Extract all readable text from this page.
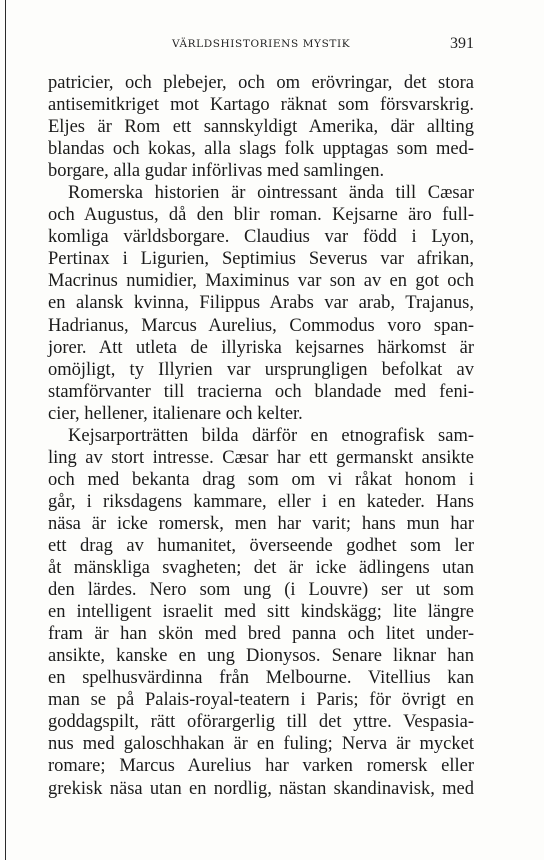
VÄRLDSHISTORIENS MYSTIK	391
patricier, och plebejer, och om erövringar, det stora
antisemitkriget mot Kartago räknat som försvarskrig.
Eljes är Rom ett sannskyldigt Amerika, där allting
blandas och kokas, alla slags folk upptagas som med-
borgare, alla gudar införlivas med samlingen.
Romerska historien är ointressant ända till Cæsar
och Augustus, då den blir roman. Kejsarne äro full-
komliga världsborgare. Claudius var född i Lyon,
Pertinax i Ligurien, Septimius Severus var afrikan,
Macrinus numidier, Maximinus var son av en got och
en alansk kvinna, Filippus Arabs var arab, Trajanus,
Hadrianus, Marcus Aurelius, Commodus voro span-
jorer. Att utleta de illyriska kejsarnes härkomst är
omöjligt, ty Illyrien var ursprungligen befolkat av
stamförvanter till tracierna och blandade med feni-
cier, hellener, italienare och kelter.
Kejsarporträtten bilda därför en etnografisk sam-
ling av stort intresse. Cæsar har ett germanskt ansikte
och med bekanta drag som om vi råkat honom i
går, i riksdagens kammare, eller i en kateder. Hans
näsa är icke romersk, men har varit; hans mun har
ett drag av humanitet, överseende godhet som ler
åt mänskliga svagheten; det är icke ädlingens utan
den lärdes. Nero som ung (i Louvre) ser ut som
en intelligent israelit med sitt kindskägg; lite längre
fram är han skön med bred panna och litet under-
ansikte, kanske en ung Dionysos. Senare liknar han
en spelhusvärdinna från Melbourne. Vitellius kan
man se på Palais-royal-teatern i Paris; för övrigt en
goddagspilt, rätt oförargerlig till det yttre. Vespasia-
nus med galoschhakan är en fuling; Nerva är mycket
romare; Marcus Aurelius har varken romersk eller
grekisk näsa utan en nordlig, nästan skandinavisk, med
